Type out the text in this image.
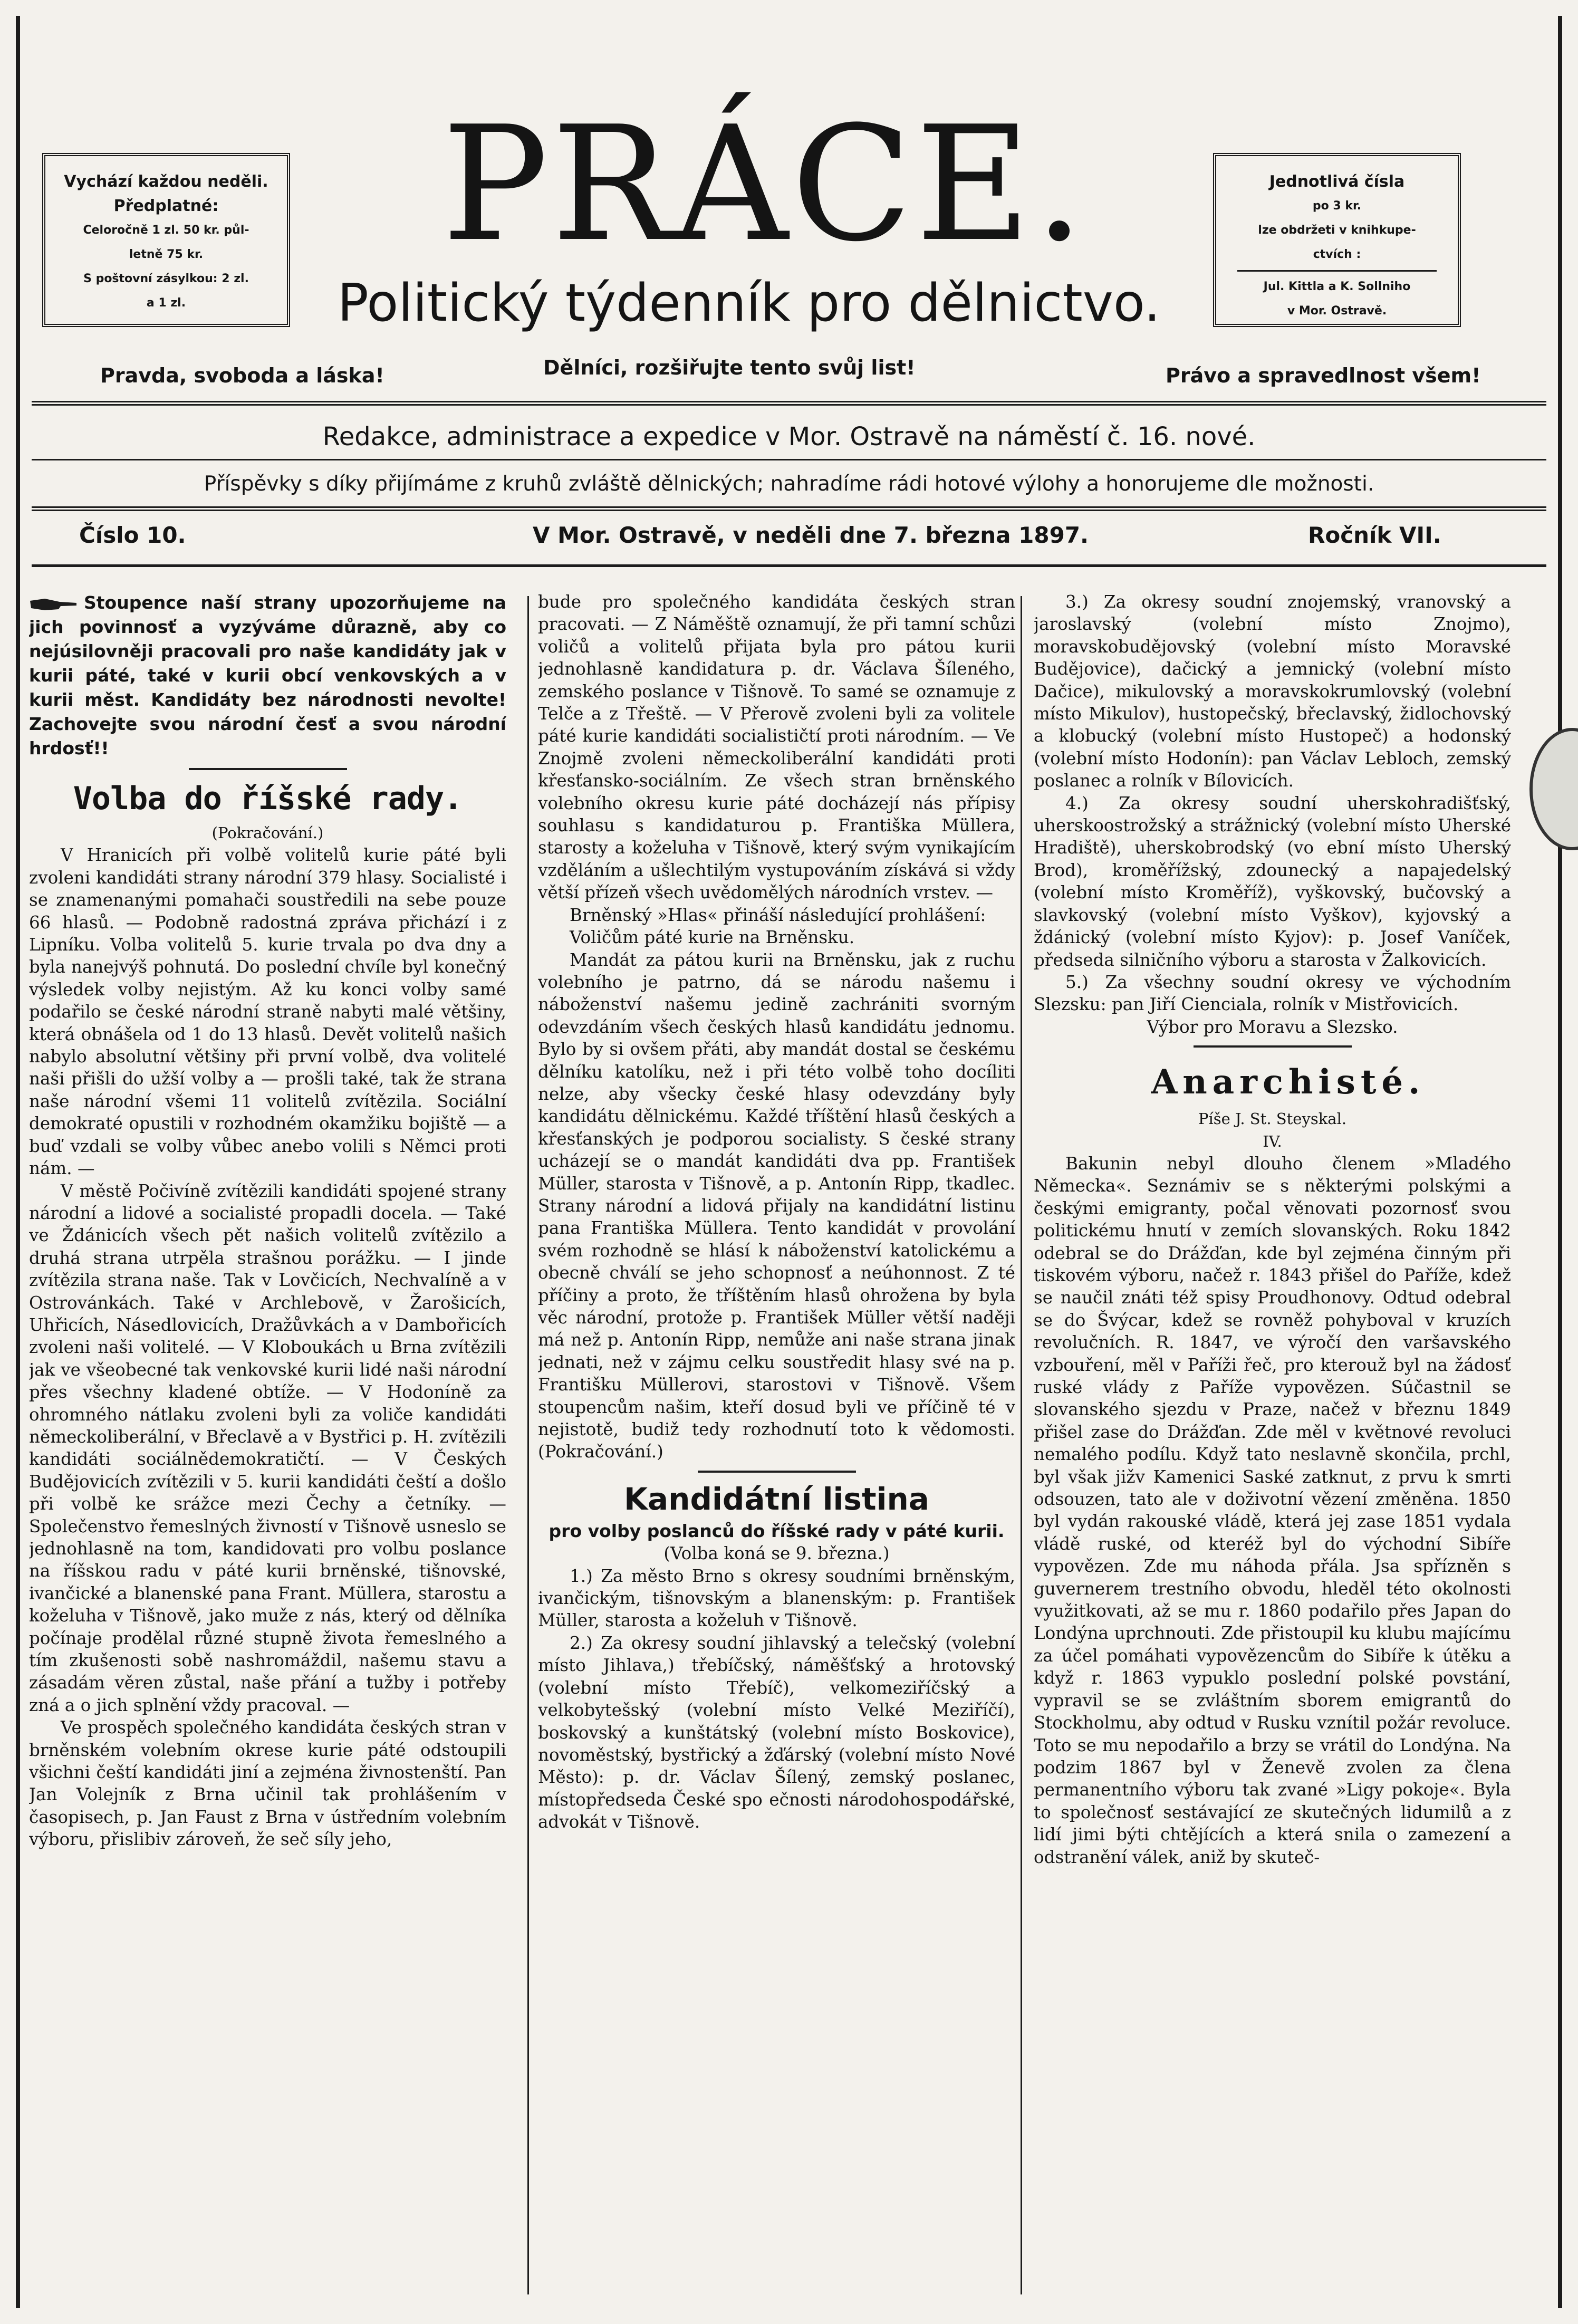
Vychází každou neděli.
Předplatné:
Celoročně 1 zl. 50 kr. půl-
letně 75 kr.
S poštovní zásylkou: 2 zl.
a 1 zl.
PRÁCE.
Politický týdenník pro dělnictvo.
Jednotlivá čísla
po 3 kr.
lze obdržeti v knihkupe-
ctvích :
Jul. Kittla a K. Sollniho
v Mor. Ostravě.
Pravda, svoboda a láska!	Dělníci, rozšiřujte tento svůj list!	Právo a spravedlnost všem!
Redakce, administrace a expedice v Mor. Ostravě na náměstí č. 16. nové.
Příspěvky s díky přijímáme z kruhů zvláště dělnických; nahradíme rádi hotové výlohy a honorujeme dle možnosti.
Číslo 10.	V Mor. Ostravě, v neděli dne 7. března 1897.	Ročník VII.

Stoupence naší strany upozorňujeme na jich povinnosť a vyzýváme důrazně, aby co nejúsilovněji pracovali pro naše kandidáty jak v kurii páté, také v kurii obcí venkovských a v kurii měst. Kandidáty bez národnosti nevolte! Zachovejte svou národní česť a svou národní hrdosť!!

Volba do říšské rady.

(Pokračování.)

V Hranicích při volbě volitelů kurie páté byli zvoleni kandidáti strany národní 379 hlasy. Socialisté i se znamenanými pomahači soustředili na sebe pouze 66 hlasů. — Podobně radostná zpráva přichází i z Lipníku. Volba volitelů 5. kurie trvala po dva dny a byla nanejvýš pohnutá. Do poslední chvíle byl konečný výsledek volby nejistým. Až ku konci volby samé podařilo se české národní straně nabyti malé většiny, která obnášela od 1 do 13 hlasů. Devět volitelů našich nabylo absolutní většiny při první volbě, dva volitelé naši přišli do užší volby a — prošli také, tak že strana naše národní všemi 11 volitelů zvítězila. Sociální demokraté opustili v rozhodném okamžiku bojiště — a buď vzdali se volby vůbec anebo volili s Němci proti nám. —

V městě Počivíně zvítězili kandidáti spojené strany národní a lidové a socialisté propadli docela. — Také ve Ždánicích všech pět našich volitelů zvítězilo a druhá strana utrpěla strašnou porážku. — I jinde zvítězila strana naše. Tak v Lovčicích, Nechvalíně a v Ostrovánkách. Také v Archlebově, v Žarošicích, Uhřicích, Násedlovicích, Dražůvkách a v Dambořicích zvoleni naši volitelé. — V Kloboukách u Brna zvítězili jak ve všeobecné tak venkovské kurii lidé naši národní přes všechny kladené obtíže. — V Hodoníně za ohromného nátlaku zvoleni byli za voliče kandidáti německoliberální, v Břeclavě a v Bystřici p. H. zvítězili kandidáti sociálnědemokratičtí. — V Českých Budějovicích zvítězili v 5. kurii kandidáti čeští a došlo při volbě ke srážce mezi Čechy a četníky. — Společenstvo řemeslných živností v Tišnově usneslo se jednohlasně na tom, kandidovati pro volbu poslance na říšskou radu v páté kurii brněnské, tišnovské, ivančické a blanenské pana Frant. Müllera, starostu a koželuha v Tišnově, jako muže z nás, který od dělníka počínaje prodělal různé stupně života řemeslného a tím zkušenosti sobě nashromáždil, našemu stavu a zásadám věren zůstal, naše přání a tužby i potřeby zná a o jich splnění vždy pracoval. —

Ve prospěch společného kandidáta českých stran v brněnském volebním okrese kurie páté odstoupili všichni čeští kandidáti jiní a zejména živnostenští. Pan Jan Volejník z Brna učinil tak prohlášením v časopisech, p. Jan Faust z Brna v ústředním volebním výboru, přislibiv zároveň, že seč síly jeho,

bude pro společného kandidáta českých stran pracovati. — Z Náměště oznamují, že při tamní schůzi voličů a volitelů přijata byla pro pátou kurii jednohlasně kandidatura p. dr. Václava Šíleného, zemského poslance v Tišnově. To samé se oznamuje z Telče a z Třeště. — V Přerově zvoleni byli za volitele páté kurie kandidáti socialističtí proti národním. — Ve Znojmě zvoleni německoliberální kandidáti proti křesťansko-sociálním. Ze všech stran brněnského volebního okresu kurie páté docházejí nás přípisy souhlasu s kandidaturou p. Františka Müllera, starosty a koželuha v Tišnově, který svým vynikajícím vzděláním a ušlechtilým vystupováním získává si vždy větší přízeň všech uvědomělých národních vrstev. —

Brněnský »Hlas« přináší následující prohlášení:

Voličům páté kurie na Brněnsku.

Mandát za pátou kurii na Brněnsku, jak z ruchu volebního je patrno, dá se národu našemu i náboženství našemu jedině zachrániti svorným odevzdáním všech českých hlasů kandidátu jednomu. Bylo by si ovšem přáti, aby mandát dostal se českému dělníku katolíku, než i při této volbě toho docíliti nelze, aby všecky české hlasy odevzdány byly kandidátu dělnickému. Každé tříštění hlasů českých a křesťanských je podporou socialisty. S české strany ucházejí se o mandát kandidáti dva pp. František Müller, starosta v Tišnově, a p. Antonín Ripp, tkadlec. Strany národní a lidová přijaly na kandidátní listinu pana Františka Müllera. Tento kandidát v provolání svém rozhodně se hlásí k náboženství katolickému a obecně chválí se jeho schopnosť a neúhonnost. Z té příčiny a proto, že tříštěním hlasů ohrožena by byla věc národní, protože p. František Müller větší naději má než p. Antonín Ripp, nemůže ani naše strana jinak jednati, než v zájmu celku soustředit hlasy své na p. Františku Müllerovi, starostovi v Tišnově. Všem stoupencům našim, kteří dosud byli ve příčině té v nejistotě, budiž tedy rozhodnutí toto k vědomosti. (Pokračování.)

Kandidátní listina

pro volby poslanců do říšské rady v páté kurii.

(Volba koná se 9. března.)

1.) Za město Brno s okresy soudními brněnským, ivančickým, tišnovským a blanenským: p. František Müller, starosta a koželuh v Tišnově.

2.) Za okresy soudní jihlavský a telečský (volební místo Jihlava,) třebíčský, náměšťský a hrotovský (volební místo Třebíč), velkomeziříčský a velkobytešský (volební místo Velké Meziříčí), boskovský a kunštátský (volební místo Boskovice), novoměstský, bystřický a žďárský (volební místo Nové Město): p. dr. Václav Šílený, zemský poslanec, místopředseda České spo ečnosti národohospodářské, advokát v Tišnově.

3.) Za okresy soudní znojemský, vranovský a jaroslavský (volební místo Znojmo), moravskobudějovský (volební místo Moravské Budějovice), dačický a jemnický (volební místo Dačice), mikulovský a moravskokrumlovský (volební místo Mikulov), hustopečský, břeclavský, židlochovský a klobucký (volební místo Hustopeč) a hodonský (volební místo Hodonín): pan Václav Lebloch, zemský poslanec a rolník v Bílovicích.

4.) Za okresy soudní uherskohradišťský, uherskoostrožský a strážnický (volební místo Uherské Hradiště), uherskobrodský (vo ební místo Uherský Brod), kroměřížský, zdounecký a napajedelský (volební místo Kroměříž), vyškovský, bučovský a slavkovský (volební místo Vyškov), kyjovský a ždánický (volební místo Kyjov): p. Josef Vaníček, předseda silničního výboru a starosta v Žalkovicích.

5.) Za všechny soudní okresy ve východním Slezsku: pan Jiří Cienciala, rolník v Mistřovicích.

Výbor pro Moravu a Slezsko.

Anarchisté.

Píše J. St. Steyskal.

IV.

Bakunin nebyl dlouho členem »Mladého Německa«. Seznámiv se s některými polskými a českými emigranty, počal věnovati pozornosť svou politickému hnutí v zemích slovanských. Roku 1842 odebral se do Drážďan, kde byl zejména činným při tiskovém výboru, načež r. 1843 přišel do Paříže, kdež se naučil znáti též spisy Proudhonovy. Odtud odebral se do Švýcar, kdež se rovněž pohyboval v kruzích revolučních. R. 1847, ve výročí den varšavského vzbouření, měl v Paříži řeč, pro kterouž byl na žádosť ruské vlády z Paříže vypovězen. Súčastnil se slovanského sjezdu v Praze, načež v březnu 1849 přišel zase do Drážďan. Zde měl v květnové revoluci nemalého podílu. Když tato neslavně skončila, prchl, byl však jižv Kamenici Saské zatknut, z prvu k smrti odsouzen, tato ale v doživotní vězení změněna. 1850 byl vydán rakouské vládě, která jej zase 1851 vydala vládě ruské, od kteréž byl do východní Sibíře vypovězen. Zde mu náhoda přála. Jsa spřízněn s guvernerem trestního obvodu, hleděl této okolnosti využitkovati, až se mu r. 1860 podařilo přes Japan do Londýna uprchnouti. Zde přistoupil ku klubu majícímu za účel pomáhati vypovězencům do Sibíře k útěku a když r. 1863 vypuklo poslední polské povstání, vypravil se se zvláštním sborem emigrantů do Stockholmu, aby odtud v Rusku vznítil požár revoluce. Toto se mu nepodařilo a brzy se vrátil do Londýna. Na podzim 1867 byl v Ženevě zvolen za člena permanentního výboru tak zvané »Ligy pokoje«. Byla to společnosť sestávající ze skutečných lidumilů a z lidí jimi býti chtějících a která snila o zamezení a odstranění válek, aniž by skuteč-
